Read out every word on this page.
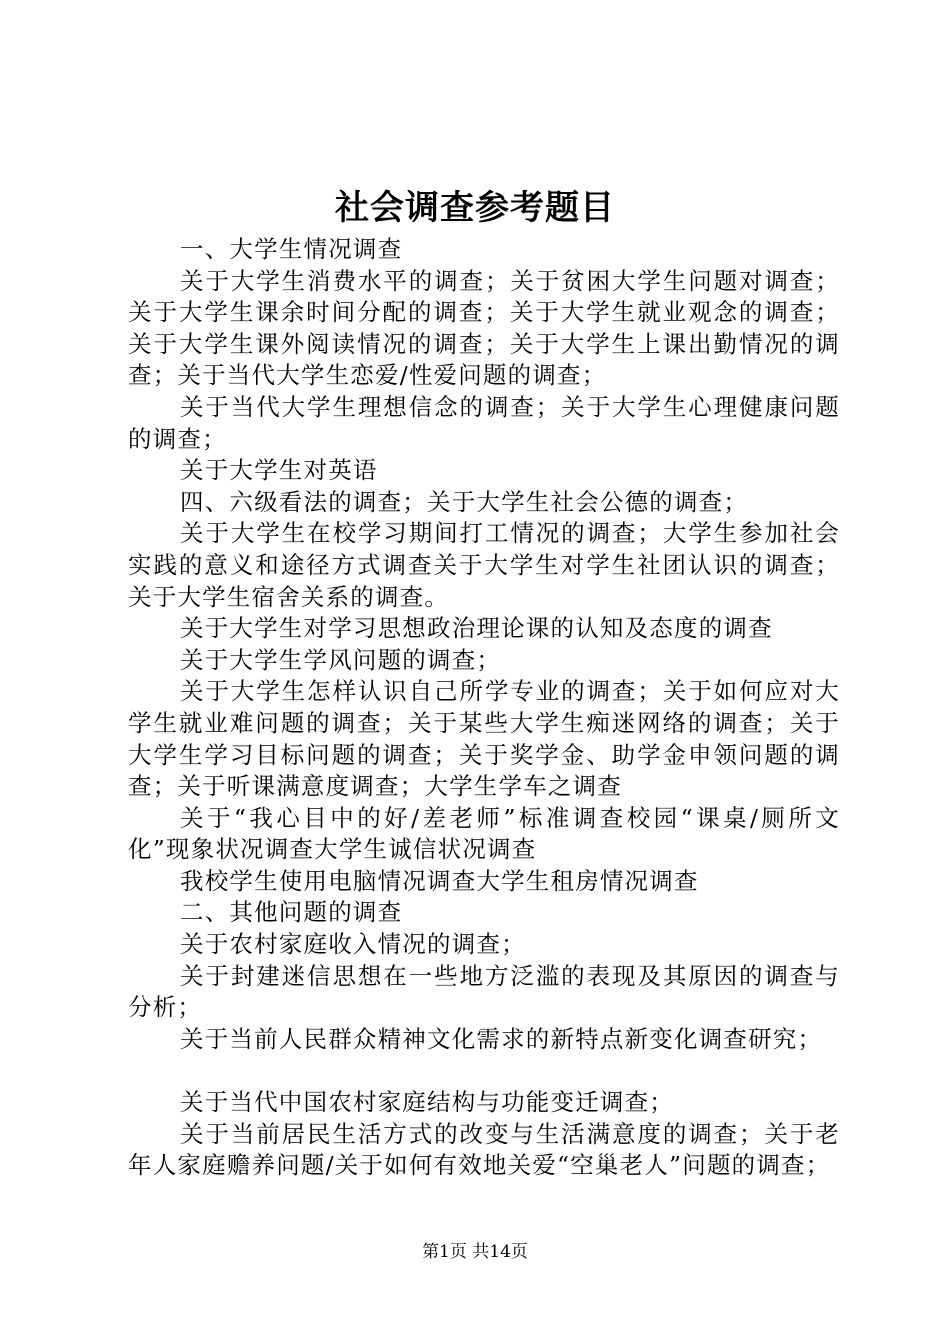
社会调查参考题目

一、大学生情况调查

关于大学生消费水平的调查；关于贫困大学生问题对调查；关于大学生课余时间分配的调查；关于大学生就业观念的调查；关于大学生课外阅读情况的调查；关于大学生上课出勤情况的调查；关于当代大学生恋爱/性爱问题的调查；

关于当代大学生理想信念的调查；关于大学生心理健康问题的调查；

关于大学生对英语

四、六级看法的调查；关于大学生社会公德的调查；

关于大学生在校学习期间打工情况的调查；大学生参加社会实践的意义和途径方式调查关于大学生对学生社团认识的调查；关于大学生宿舍关系的调查。

关于大学生对学习思想政治理论课的认知及态度的调查

关于大学生学风问题的调查；

关于大学生怎样认识自己所学专业的调查；关于如何应对大学生就业难问题的调查；关于某些大学生痴迷网络的调查；关于大学生学习目标问题的调查；关于奖学金、助学金申领问题的调查；关于听课满意度调查；大学生学车之调查

关于“我心目中的好/差老师”标准调查校园“课桌/厕所文化”现象状况调查大学生诚信状况调查

我校学生使用电脑情况调查大学生租房情况调查

二、其他问题的调查

关于农村家庭收入情况的调查；

关于封建迷信思想在一些地方泛滥的表现及其原因的调查与分析；

关于当前人民群众精神文化需求的新特点新变化调查研究；

关于当代中国农村家庭结构与功能变迁调查；

关于当前居民生活方式的改变与生活满意度的调查；关于老年人家庭赡养问题/关于如何有效地关爱“空巢老人”问题的调查；

第1页 共14页
